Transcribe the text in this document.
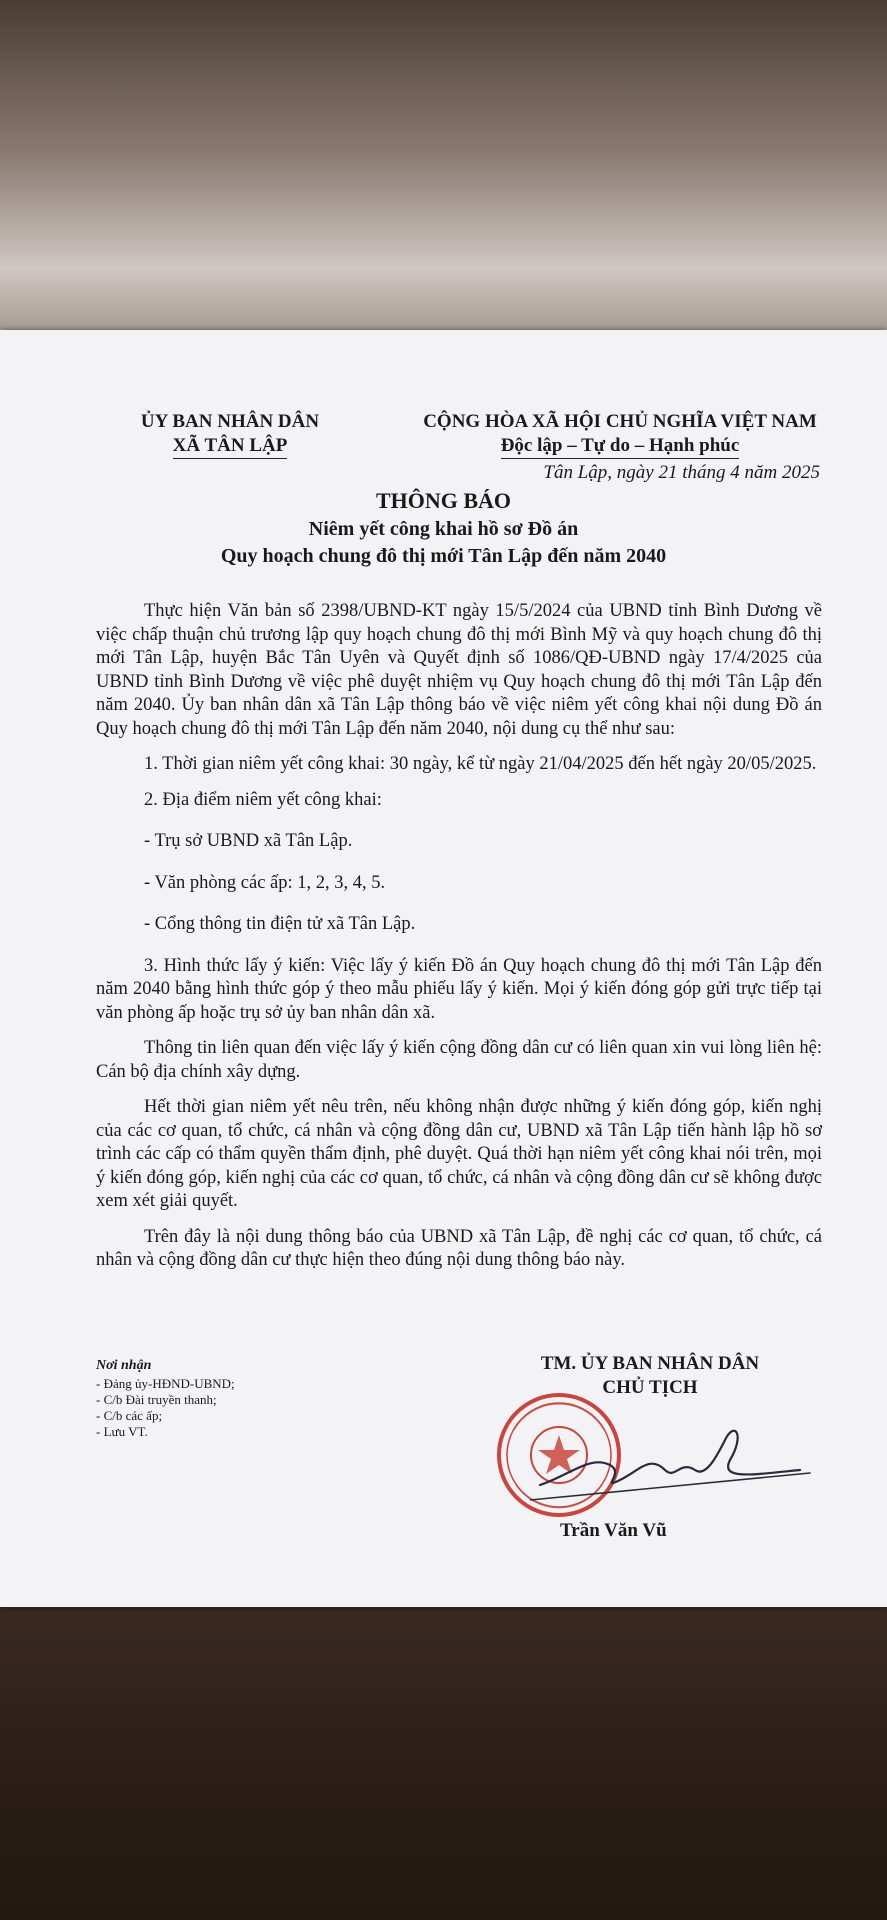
ỦY BAN NHÂN DÂN
XÃ TÂN LẬP
CỘNG HÒA XÃ HỘI CHỦ NGHĨA VIỆT NAM
Độc lập – Tự do – Hạnh phúc
Tân Lập, ngày 21 tháng 4 năm 2025
THÔNG BÁO
Niêm yết công khai hồ sơ Đồ án
Quy hoạch chung đô thị mới Tân Lập đến năm 2040

Thực hiện Văn bản số 2398/UBND-KT ngày 15/5/2024 của UBND tỉnh Bình Dương về việc chấp thuận chủ trương lập quy hoạch chung đô thị mới Bình Mỹ và quy hoạch chung đô thị mới Tân Lập, huyện Bắc Tân Uyên và Quyết định số 1086/QĐ-UBND ngày 17/4/2025 của UBND tỉnh Bình Dương về việc phê duyệt nhiệm vụ Quy hoạch chung đô thị mới Tân Lập đến năm 2040. Ủy ban nhân dân xã Tân Lập thông báo về việc niêm yết công khai nội dung Đồ án Quy hoạch chung đô thị mới Tân Lập đến năm 2040, nội dung cụ thể như sau:

1. Thời gian niêm yết công khai: 30 ngày, kể từ ngày 21/04/2025 đến hết ngày 20/05/2025.

2. Địa điểm niêm yết công khai:

- Trụ sở UBND xã Tân Lập.

- Văn phòng các ấp: 1, 2, 3, 4, 5.

- Cổng thông tin điện tử xã Tân Lập.

3. Hình thức lấy ý kiến: Việc lấy ý kiến Đồ án Quy hoạch chung đô thị mới Tân Lập đến năm 2040 bằng hình thức góp ý theo mẫu phiếu lấy ý kiến. Mọi ý kiến đóng góp gửi trực tiếp tại văn phòng ấp hoặc trụ sở ủy ban nhân dân xã.

Thông tin liên quan đến việc lấy ý kiến cộng đồng dân cư có liên quan xin vui lòng liên hệ: Cán bộ địa chính xây dựng.

Hết thời gian niêm yết nêu trên, nếu không nhận được những ý kiến đóng góp, kiến nghị của các cơ quan, tổ chức, cá nhân và cộng đồng dân cư, UBND xã Tân Lập tiến hành lập hồ sơ trình các cấp có thẩm quyền thẩm định, phê duyệt. Quá thời hạn niêm yết công khai nói trên, mọi ý kiến đóng góp, kiến nghị của các cơ quan, tổ chức, cá nhân và cộng đồng dân cư sẽ không được xem xét giải quyết.

Trên đây là nội dung thông báo của UBND xã Tân Lập, đề nghị các cơ quan, tổ chức, cá nhân và cộng đồng dân cư thực hiện theo đúng nội dung thông báo này.

Nơi nhận
- Đảng ủy-HĐND-UBND;
- C/b Đài truyền thanh;
- C/b các ấp;
- Lưu VT.
TM. ỦY BAN NHÂN DÂN
CHỦ TỊCH
Trần Văn Vũ
